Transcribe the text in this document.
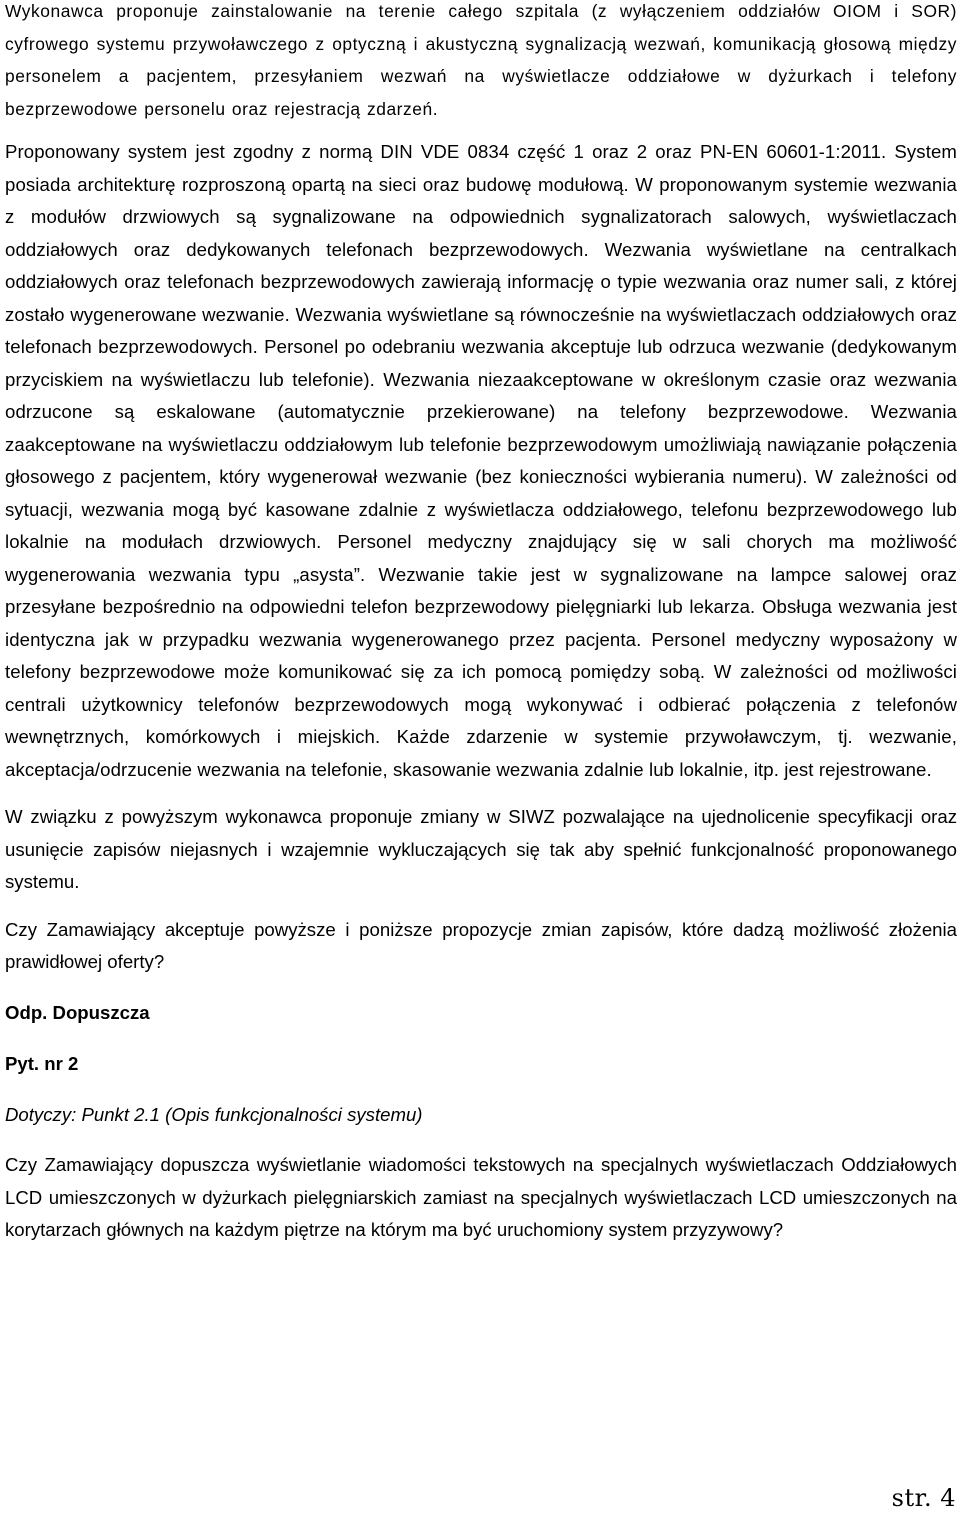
Wykonawca proponuje zainstalowanie na terenie całego szpitala (z wyłączeniem oddziałów OIOM i SOR) cyfrowego systemu przywoławczego z optyczną i akustyczną sygnalizacją wezwań, komunikacją głosową między personelem a pacjentem, przesyłaniem wezwań na wyświetlacze oddziałowe w dyżurkach i telefony bezprzewodowe personelu oraz rejestracją zdarzeń.

Proponowany system jest zgodny z normą DIN VDE 0834 część 1 oraz 2 oraz PN-EN 60601-1:2011. System posiada architekturę rozproszoną opartą na sieci oraz budowę modułową. W proponowanym systemie wezwania z modułów drzwiowych są sygnalizowane na odpowiednich sygnalizatorach salowych, wyświetlaczach oddziałowych oraz dedykowanych telefonach bezprzewodowych. Wezwania wyświetlane na centralkach oddziałowych oraz telefonach bezprzewodowych zawierają informację o typie wezwania oraz numer sali, z której zostało wygenerowane wezwanie. Wezwania wyświetlane są równocześnie na wyświetlaczach oddziałowych oraz telefonach bezprzewodowych. Personel po odebraniu wezwania akceptuje lub odrzuca wezwanie (dedykowanym przyciskiem na wyświetlaczu lub telefonie). Wezwania niezaakceptowane w określonym czasie oraz wezwania odrzucone są eskalowane (automatycznie przekierowane) na telefony bezprzewodowe. Wezwania zaakceptowane na wyświetlaczu oddziałowym lub telefonie bezprzewodowym umożliwiają nawiązanie połączenia głosowego z pacjentem, który wygenerował wezwanie (bez konieczności wybierania numeru). W zależności od sytuacji, wezwania mogą być kasowane zdalnie z wyświetlacza oddziałowego, telefonu bezprzewodowego lub lokalnie na modułach drzwiowych. Personel medyczny znajdujący się w sali chorych ma możliwość wygenerowania wezwania typu „asysta”. Wezwanie takie jest w sygnalizowane na lampce salowej oraz przesyłane bezpośrednio na odpowiedni telefon bezprzewodowy pielęgniarki lub lekarza. Obsługa wezwania jest identyczna jak w przypadku wezwania wygenerowanego przez pacjenta. Personel medyczny wyposażony w telefony bezprzewodowe może komunikować się za ich pomocą pomiędzy sobą. W zależności od możliwości centrali użytkownicy telefonów bezprzewodowych mogą wykonywać i odbierać połączenia z telefonów wewnętrznych, komórkowych i miejskich. Każde zdarzenie w systemie przywoławczym, tj. wezwanie, akceptacja/odrzucenie wezwania na telefonie, skasowanie wezwania zdalnie lub lokalnie, itp. jest rejestrowane.

W związku z powyższym wykonawca proponuje zmiany w SIWZ pozwalające na ujednolicenie specyfikacji oraz usunięcie zapisów niejasnych i wzajemnie wykluczających się tak aby spełnić funkcjonalność proponowanego systemu.

Czy Zamawiający akceptuje powyższe i poniższe propozycje zmian zapisów, które dadzą możliwość złożenia prawidłowej oferty?

Odp. Dopuszcza

Pyt. nr 2

Dotyczy: Punkt 2.1 (Opis funkcjonalności systemu)

Czy Zamawiający dopuszcza wyświetlanie wiadomości tekstowych na specjalnych wyświetlaczach Oddziałowych LCD umieszczonych w dyżurkach pielęgniarskich zamiast na specjalnych wyświetlaczach LCD umieszczonych na korytarzach głównych na każdym piętrze na którym ma być uruchomiony system przyzywowy?

str. 4
